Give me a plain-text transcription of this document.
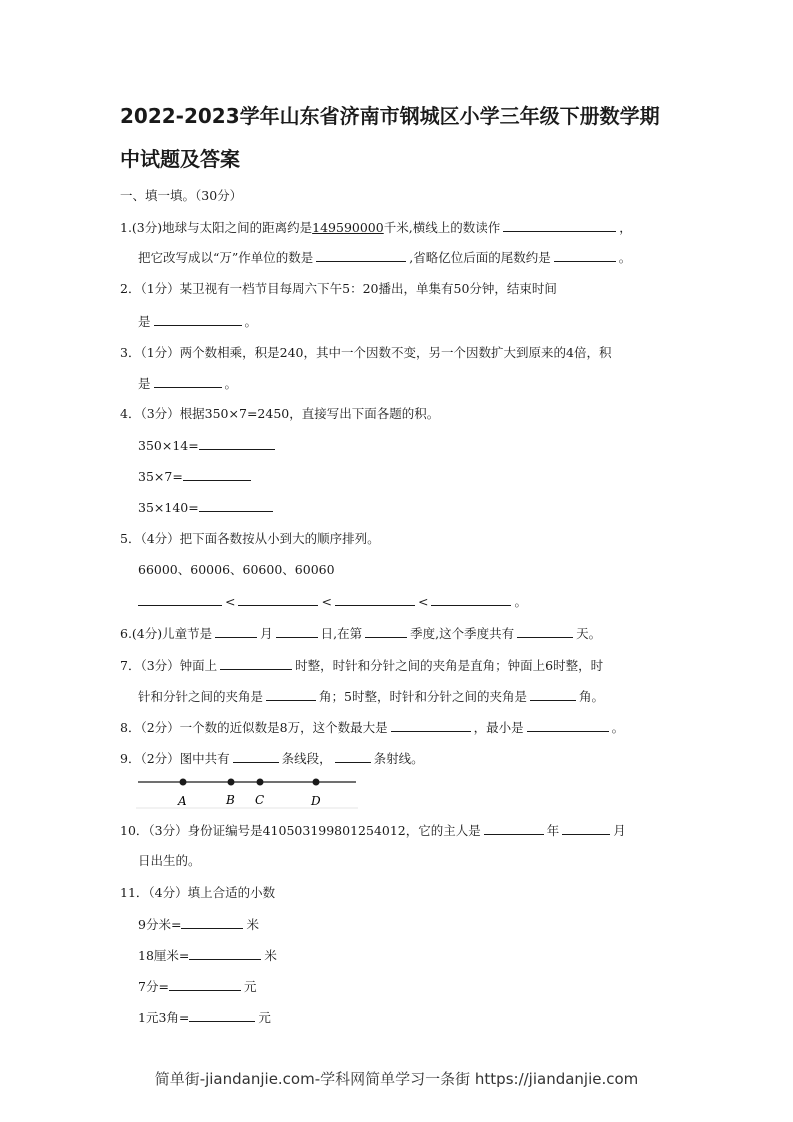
2022-2023学年山东省济南市钢城区小学三年级下册数学期
中试题及答案
一、填一填。（30分）
1.(3分)地球与太阳之间的距离约是149590000千米,横线上的数读作	，
把它改写成以“万”作单位的数是	,省略亿位后面的尾数约是	。
2．（1分）某卫视有一档节目每周六下午5：20播出，单集有50分钟，结束时间
是	。
3．（1分）两个数相乘，积是240，其中一个因数不变，另一个因数扩大到原来的4倍，积
是	。
4．（3分）根据350×7=2450，直接写出下面各题的积。
350×14=
35×7=
35×140=
5．（4分）把下面各数按从小到大的顺序排列。
66000、60006、60600、60060
<	<	<	。
6.(4分)儿童节是	月	日,在第	季度,这个季度共有	天。
7．（3分）钟面上	时整，时针和分针之间的夹角是直角；钟面上6时整，时
针和分针之间的夹角是	角；5时整，时针和分针之间的夹角是	角。
8．（2分）一个数的近似数是8万，这个数最大是	，最小是	。
9．（2分）图中共有	条线段，	条射线。
A	B C	D
10．（3分）身份证编号是410503199801254012，它的主人是	年	月
日出生的。
11．（4分）填上合适的小数
9分米=	米
18厘米=	米
7分=	元
1元3角=	元
简单街-jiandanjie.com-学科网简单学习一条街 https://jiandanjie.com
